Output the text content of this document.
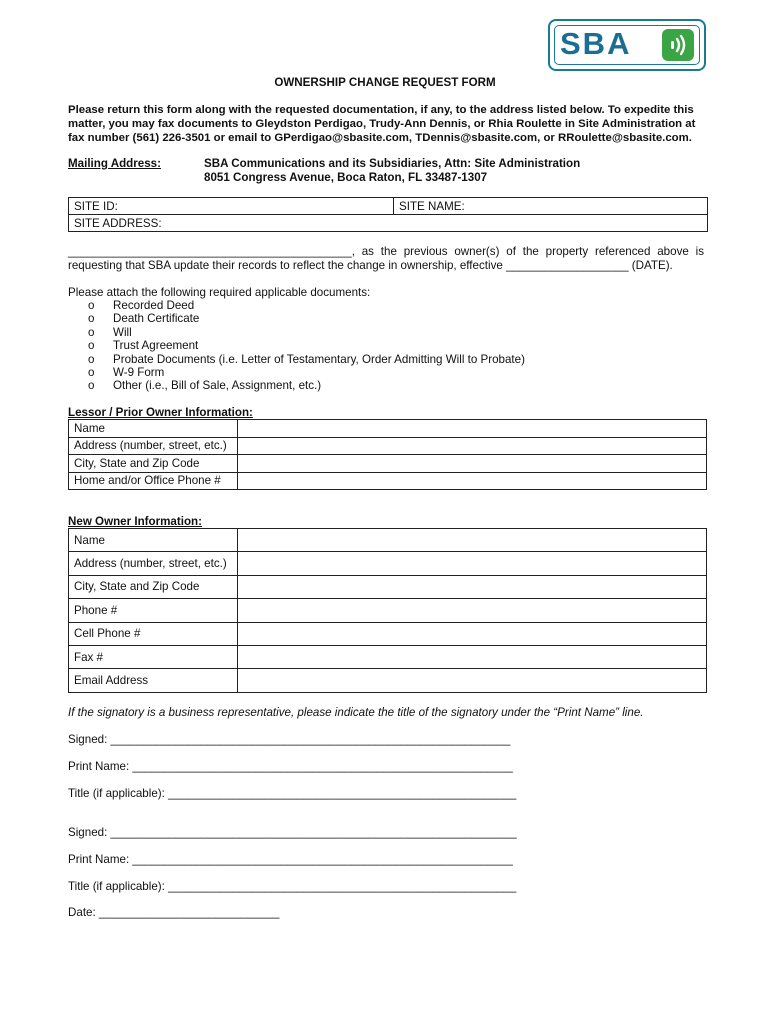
SBA
OWNERSHIP CHANGE REQUEST FORM
Please return this form along with the requested documentation, if any, to the address listed below. To expedite this matter, you may fax documents to Gleydston Perdigao, Trudy-Ann Dennis, or Rhia Roulette in Site Administration at fax number (561) 226-3501 or email to GPerdigao@sbasite.com, TDennis@sbasite.com, or RRoulette@sbasite.com.
Mailing Address:	SBA Communications and its Subsidiaries, Attn: Site Administration
8051 Congress Avenue, Boca Raton, FL 33487-1307
SITE ID:	SITE NAME:
SITE ADDRESS:
____________________________________________, as the previous owner(s) of the property referenced above is requesting that SBA update their records to reflect the change in ownership, effective ___________________ (DATE).
Please attach the following required applicable documents:
o Recorded Deed
o Death Certificate
o Will
o Trust Agreement
o Probate Documents (i.e. Letter of Testamentary, Order Admitting Will to Probate)
o W-9 Form
o Other (i.e., Bill of Sale, Assignment, etc.)
Lessor / Prior Owner Information:
Name	
Address (number, street, etc.)	
City, State and Zip Code	
Home and/or Office Phone #	
New Owner Information:
Name	
Address (number, street, etc.)	
City, State and Zip Code	
Phone #	
Cell Phone #	
Fax #	
Email Address	
If the signatory is a business representative, please indicate the title of the signatory under the “Print Name” line.
Signed: ______________________________________________________________
Print Name: ___________________________________________________________
Title (if applicable): ______________________________________________________
Signed: _______________________________________________________________
Print Name: ___________________________________________________________
Title (if applicable): ______________________________________________________
Date: ____________________________
